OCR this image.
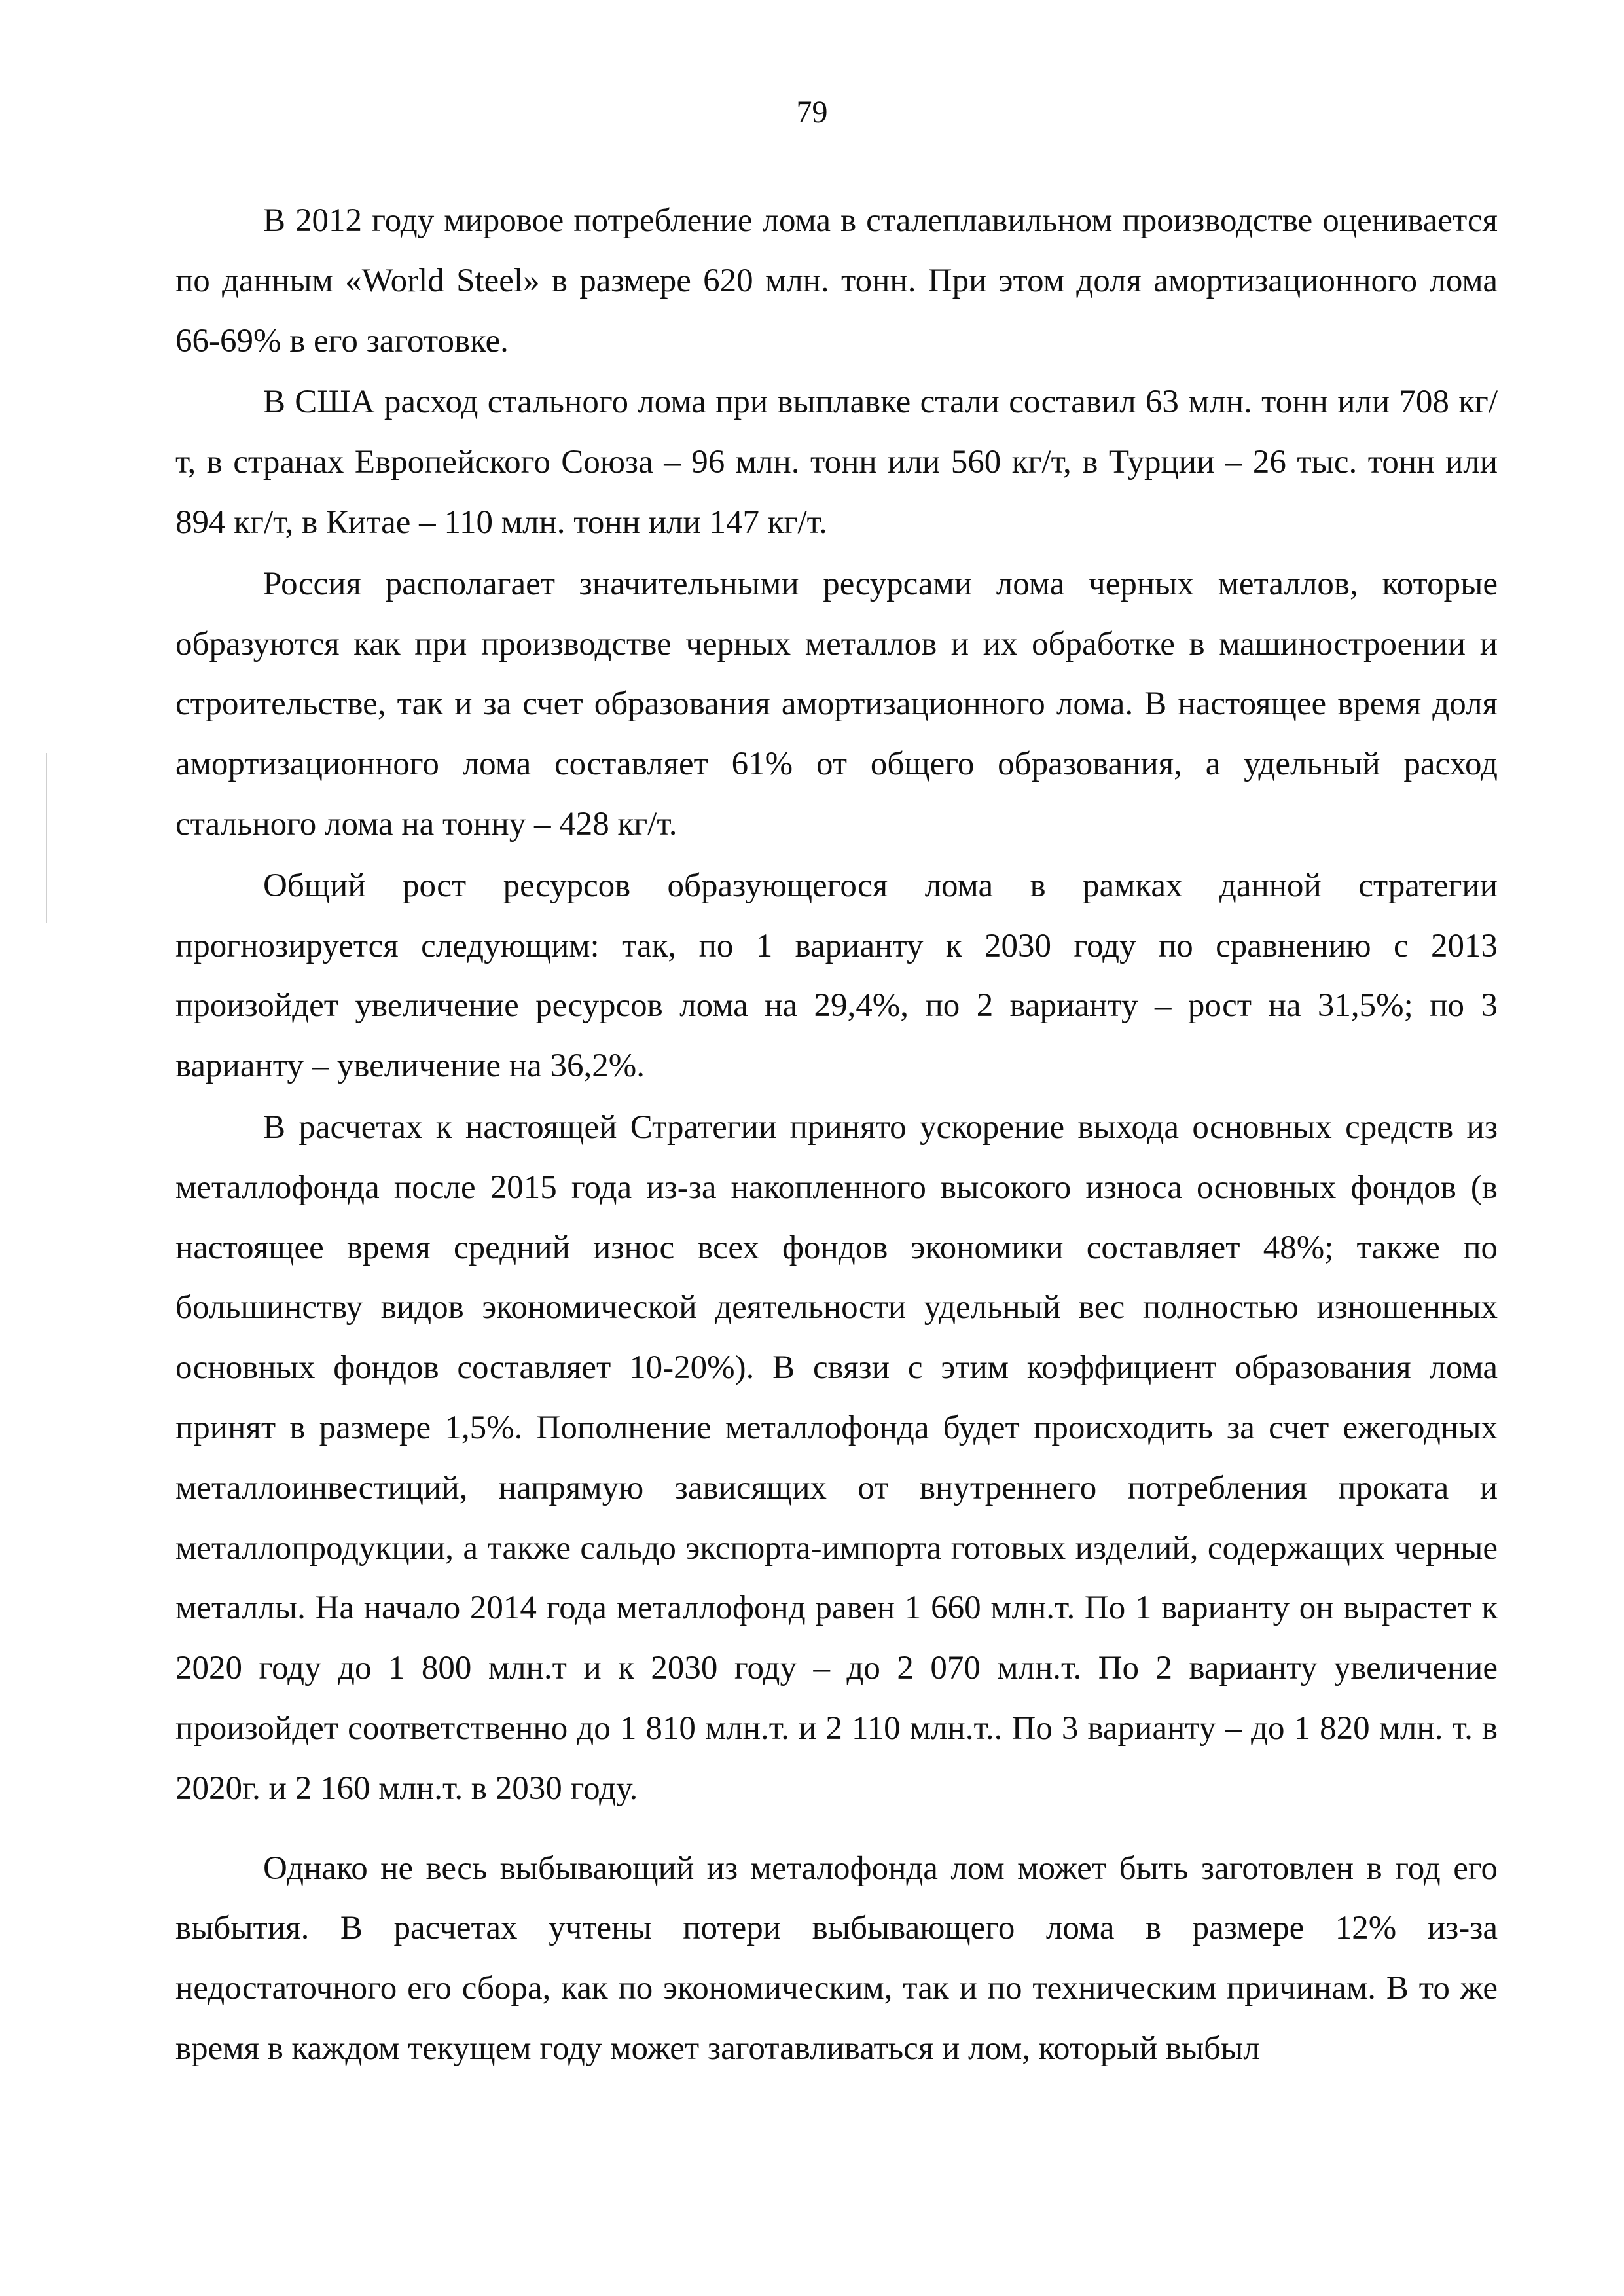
79

В 2012 году мировое потребление лома в сталеплавильном производстве оценивается по данным «World Steel» в размере 620 млн. тонн. При этом доля амортизационного лома 66-69% в его заготовке.

В США расход стального лома при выплавке стали составил 63 млн. тонн или 708 кг/т, в странах Европейского Союза – 96 млн. тонн или 560 кг/т, в Турции – 26 тыс. тонн или 894 кг/т, в Китае – 110 млн. тонн или 147 кг/т.

Россия располагает значительными ресурсами лома черных металлов, которые образуются как при производстве черных металлов и их обработке в машиностроении и строительстве, так и за счет образования амортизационного лома. В настоящее время доля амортизационного лома составляет 61% от общего образования, а удельный расход стального лома на тонну – 428 кг/т.

Общий рост ресурсов образующегося лома в рамках данной стратегии прогнозируется следующим: так, по 1 варианту к 2030 году по сравнению с 2013 произойдет увеличение ресурсов лома на 29,4%, по 2 варианту – рост на 31,5%; по 3 варианту – увеличение на 36,2%.

В расчетах к настоящей Стратегии принято ускорение выхода основных средств из металлофонда после 2015 года из-за накопленного высокого износа основных фондов (в настоящее время средний износ всех фондов экономики составляет 48%; также по большинству видов экономической деятельности удельный вес полностью изношенных основных фондов составляет 10-20%). В связи с этим коэффициент образования лома принят в размере 1,5%. Пополнение металлофонда будет происходить за счет ежегодных металлоинвестиций, напрямую зависящих от внутреннего потребления проката и металлопродукции, а также сальдо экспорта-импорта готовых изделий, содержащих черные металлы. На начало 2014 года металлофонд равен 1 660 млн.т. По 1 варианту он вырастет к 2020 году до 1 800 млн.т и к 2030 году – до 2 070 млн.т. По 2 варианту увеличение произойдет соответственно до 1 810 млн.т. и 2 110 млн.т.. По 3 варианту – до 1 820 млн. т. в 2020г. и 2 160 млн.т. в 2030 году.

Однако не весь выбывающий из металофонда лом может быть заготовлен в год его выбытия. В расчетах учтены потери выбывающего лома в размере 12% из-за недостаточного его сбора, как по экономическим, так и по техническим причинам. В то же время в каждом текущем году может заготавливаться и лом, который выбыл
